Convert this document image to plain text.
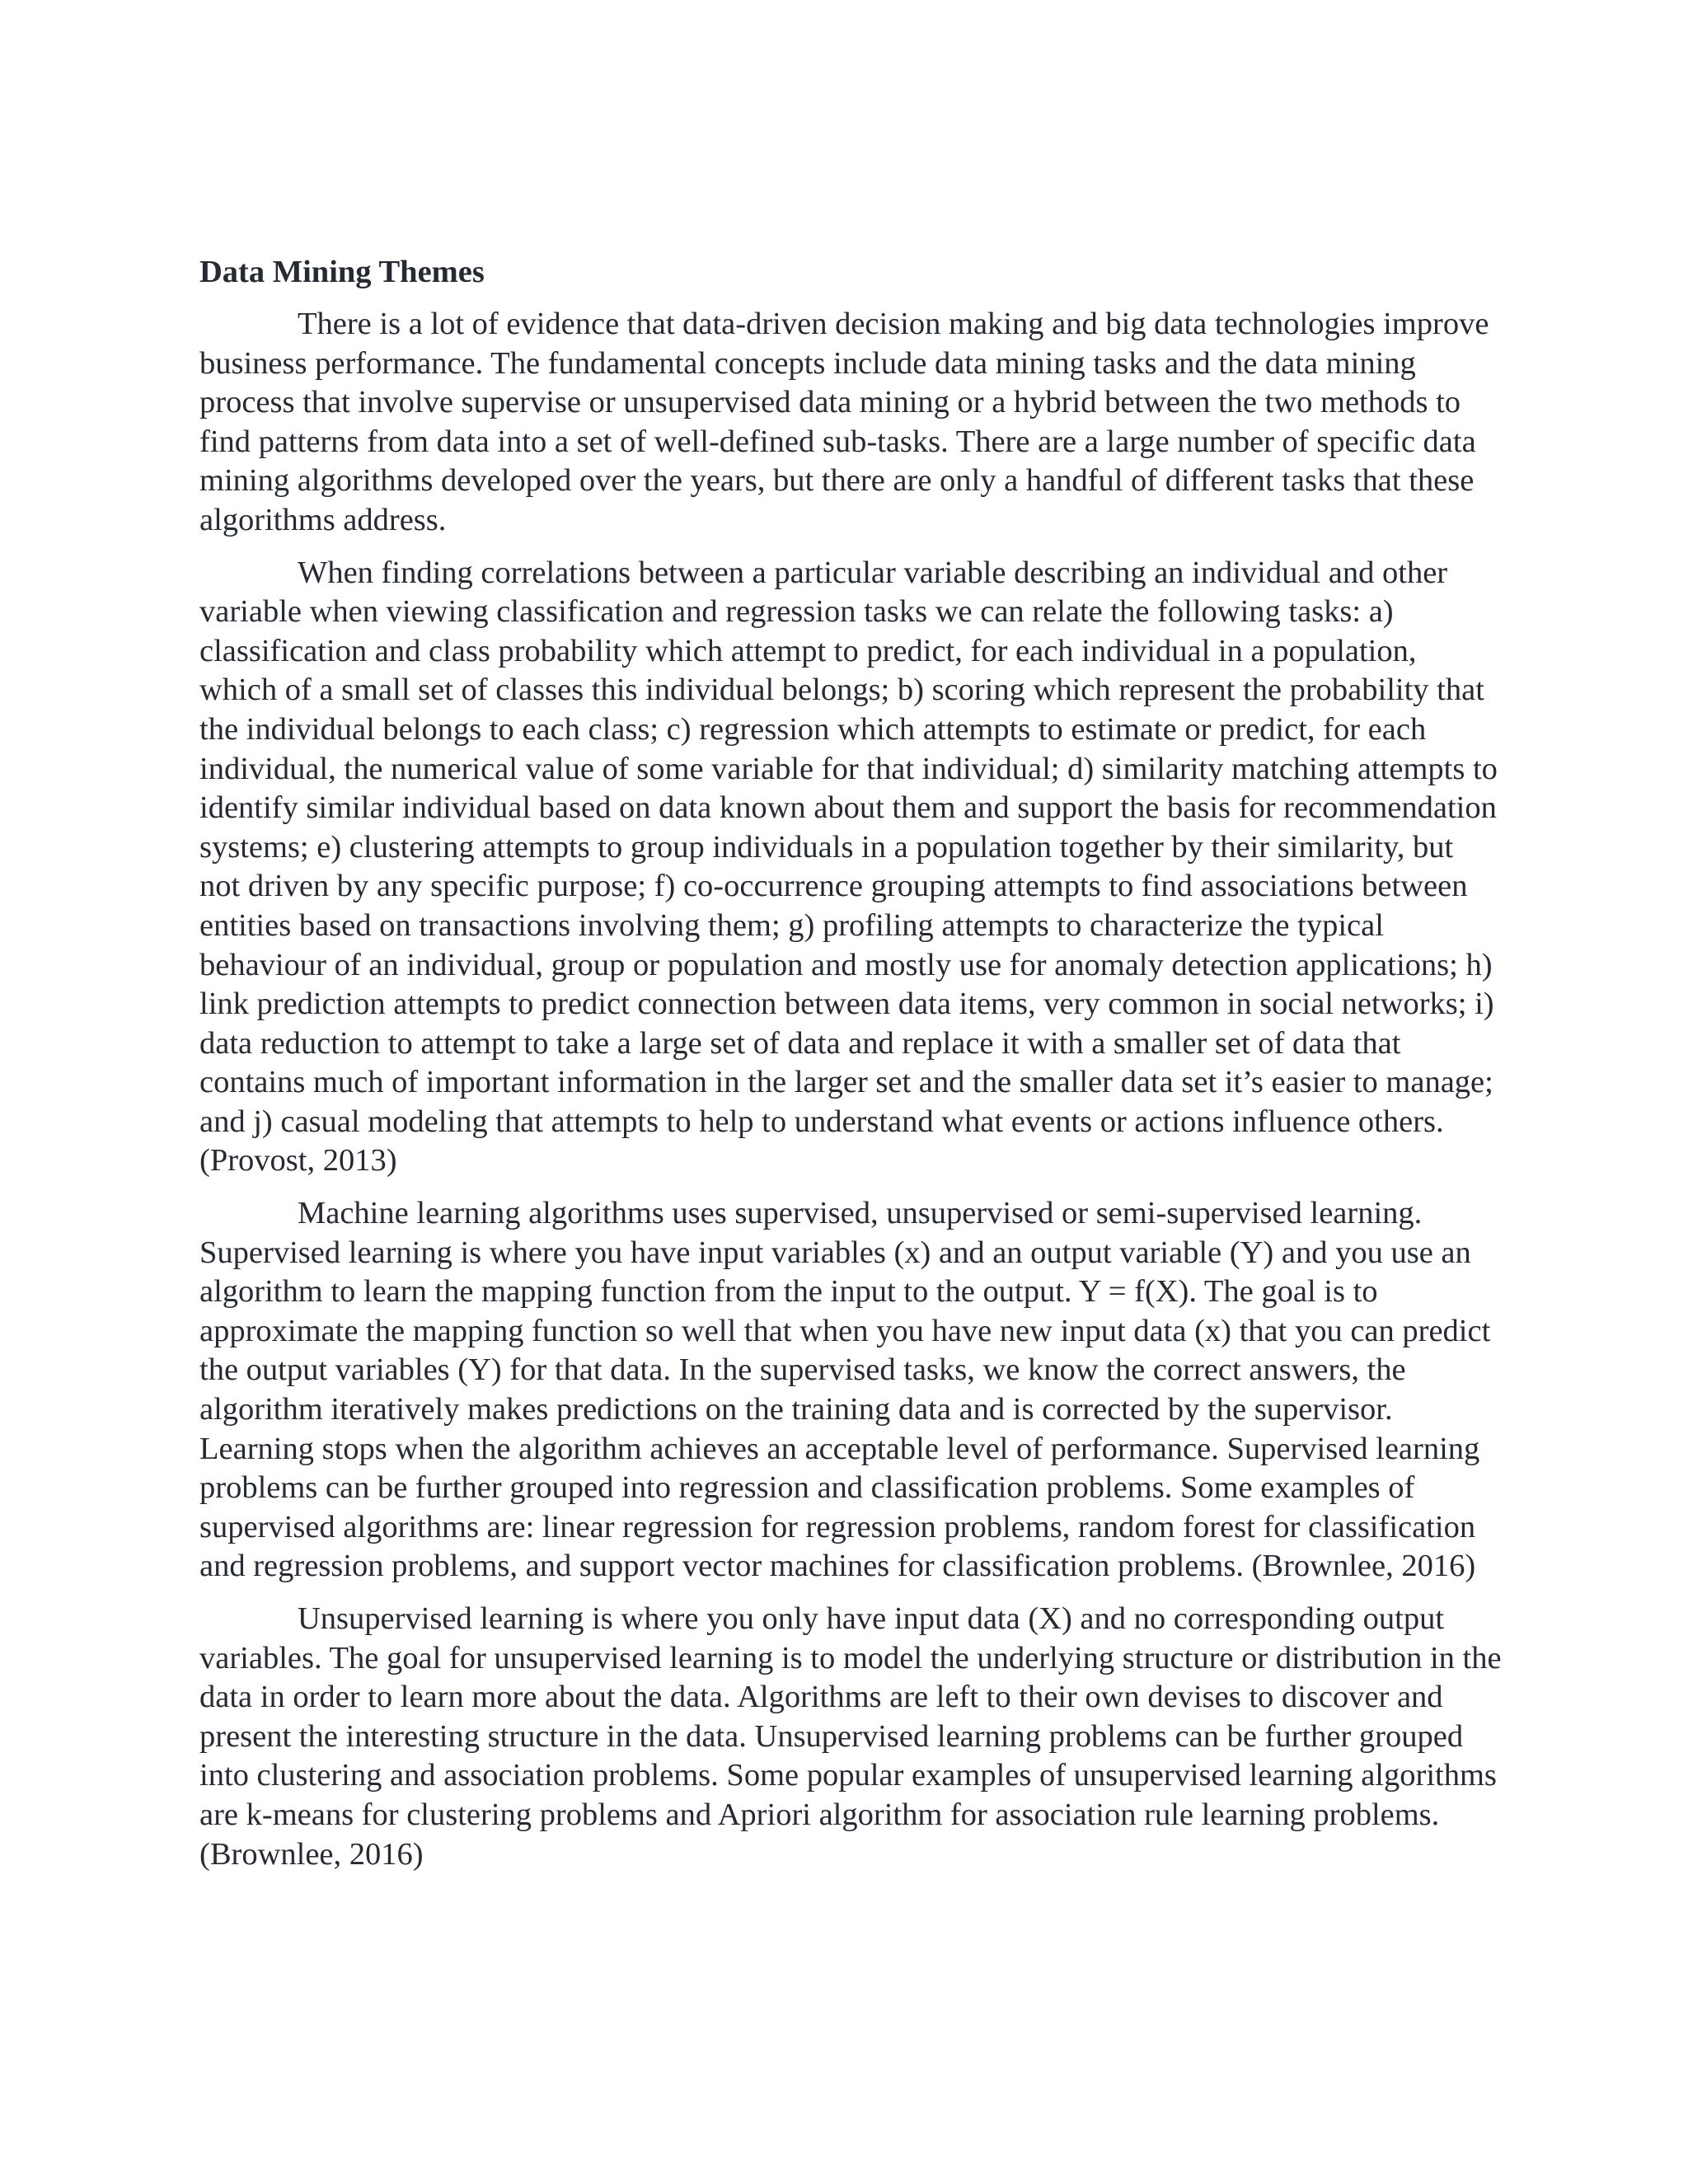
Data Mining Themes

There is a lot of evidence that data-driven decision making and big data technologies improve business performance. The fundamental concepts include data mining tasks and the data mining process that involve supervise or unsupervised data mining or a hybrid between the two methods to find patterns from data into a set of well-defined sub-tasks. There are a large number of specific data mining algorithms developed over the years, but there are only a handful of different tasks that these algorithms address.

When finding correlations between a particular variable describing an individual and other variable when viewing classification and regression tasks we can relate the following tasks: a) classification and class probability which attempt to predict, for each individual in a population, which of a small set of classes this individual belongs; b) scoring which represent the probability that the individual belongs to each class; c) regression which attempts to estimate or predict, for each individual, the numerical value of some variable for that individual; d) similarity matching attempts to identify similar individual based on data known about them and support the basis for recommendation systems; e) clustering attempts to group individuals in a population together by their similarity, but not driven by any specific purpose; f) co-occurrence grouping attempts to find associations between entities based on transactions involving them; g) profiling attempts to characterize the typical behaviour of an individual, group or population and mostly use for anomaly detection applications; h) link prediction attempts to predict connection between data items, very common in social networks; i) data reduction to attempt to take a large set of data and replace it with a smaller set of data that contains much of important information in the larger set and the smaller data set it’s easier to manage; and j) casual modeling that attempts to help to understand what events or actions influence others. (Provost, 2013)

Machine learning algorithms uses supervised, unsupervised or semi-supervised learning. Supervised learning is where you have input variables (x) and an output variable (Y) and you use an algorithm to learn the mapping function from the input to the output. Y = f(X). The goal is to approximate the mapping function so well that when you have new input data (x) that you can predict the output variables (Y) for that data. In the supervised tasks, we know the correct answers, the algorithm iteratively makes predictions on the training data and is corrected by the supervisor. Learning stops when the algorithm achieves an acceptable level of performance. Supervised learning problems can be further grouped into regression and classification problems. Some examples of supervised algorithms are: linear regression for regression problems, random forest for classification and regression problems, and support vector machines for classification problems. (Brownlee, 2016)

Unsupervised learning is where you only have input data (X) and no corresponding output variables. The goal for unsupervised learning is to model the underlying structure or distribution in the data in order to learn more about the data. Algorithms are left to their own devises to discover and present the interesting structure in the data. Unsupervised learning problems can be further grouped into clustering and association problems. Some popular examples of unsupervised learning algorithms are k-means for clustering problems and Apriori algorithm for association rule learning problems. (Brownlee, 2016)
